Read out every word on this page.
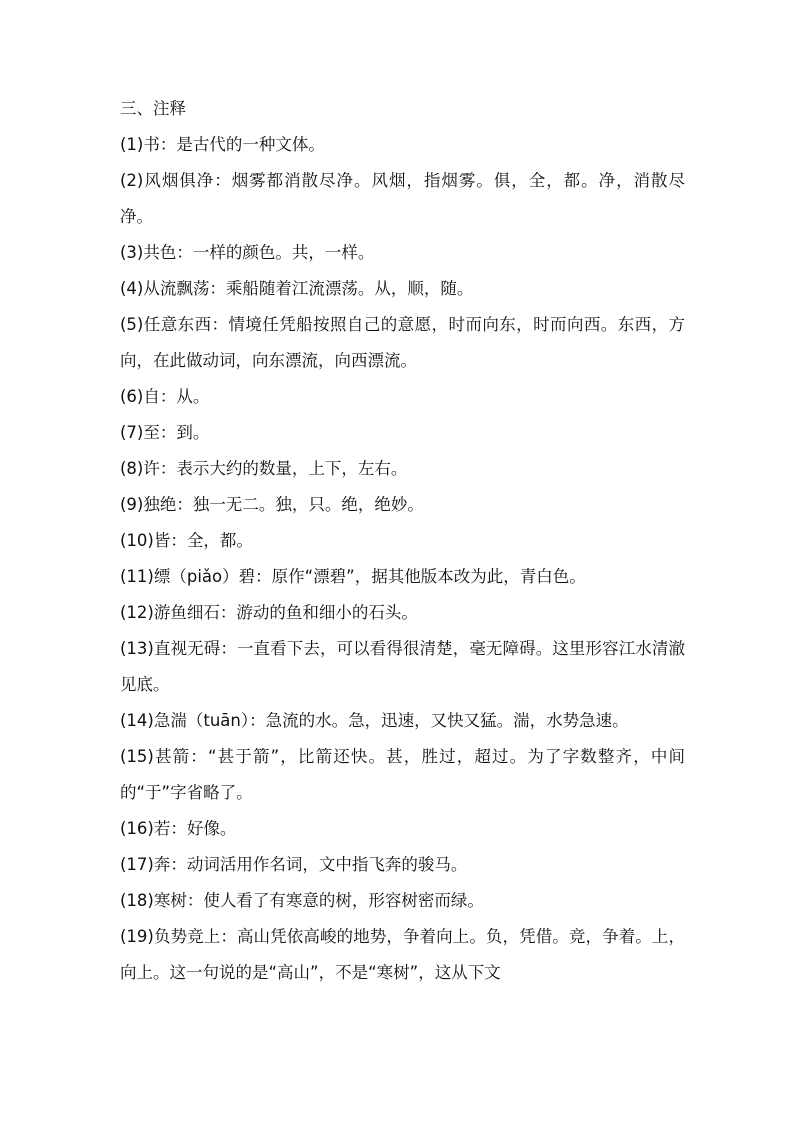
三、注释
(1)书：是古代的一种文体。
(2)风烟俱净：烟雾都消散尽净。风烟，指烟雾。俱，全，都。净，消散尽净。
(3)共色：一样的颜色。共，一样。
(4)从流飘荡：乘船随着江流漂荡。从，顺，随。
(5)任意东西：情境任凭船按照自己的意愿，时而向东，时而向西。东西，方向，在此做动词，向东漂流，向西漂流。
(6)自：从。
(7)至：到。
(8)许：表示大约的数量，上下，左右。
(9)独绝：独一无二。独，只。绝，绝妙。
(10)皆：全，都。
(11)缥（piǎo）碧：原作“漂碧”，据其他版本改为此，青白色。
(12)游鱼细石：游动的鱼和细小的石头。
(13)直视无碍：一直看下去，可以看得很清楚，毫无障碍。这里形容江水清澈见底。
(14)急湍（tuān）：急流的水。急，迅速，又快又猛。湍，水势急速。
(15)甚箭：“甚于箭”，比箭还快。甚，胜过，超过。为了字数整齐，中间的“于”字省略了。
(16)若：好像。
(17)奔：动词活用作名词，文中指飞奔的骏马。
(18)寒树：使人看了有寒意的树，形容树密而绿。
(19)负势竞上：高山凭依高峻的地势，争着向上。负，凭借。竞，争着。上，向上。这一句说的是“高山”，不是“寒树”，这从下文
